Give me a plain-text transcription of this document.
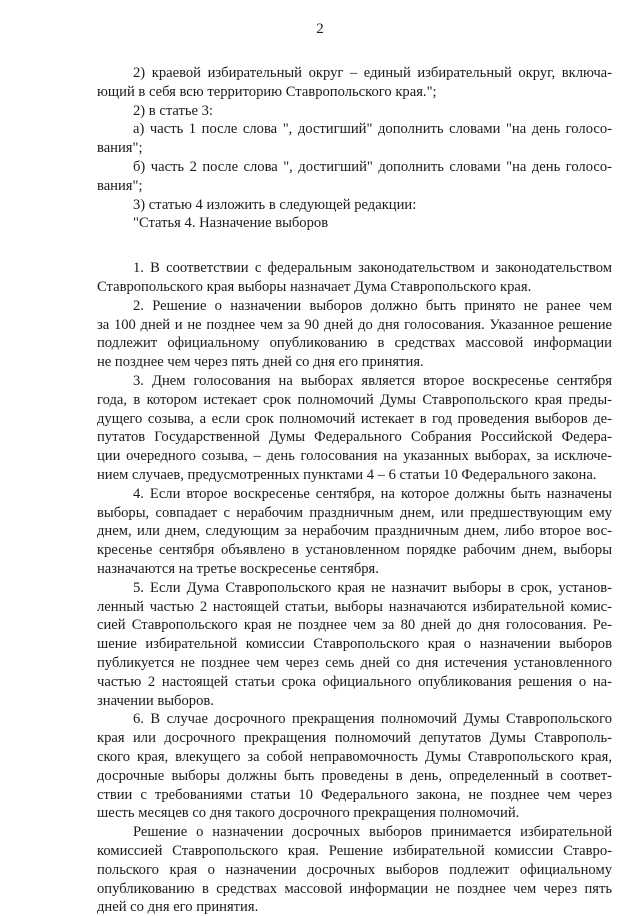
2
2) краевой избирательный округ – единый избирательный округ, включа-
ющий в себя всю территорию Ставропольского края.";
2) в статье 3:
а) часть 1 после слова ", достигший" дополнить словами "на день голосо-
вания";
б) часть 2 после слова ", достигший" дополнить словами "на день голосо-
вания";
3) статью 4 изложить в следующей редакции:
"Статья 4. Назначение выборов
1. В соответствии с федеральным законодательством и законодательством
Ставропольского края выборы назначает Дума Ставропольского края.
2. Решение о назначении выборов должно быть принято не ранее чем
за 100 дней и не позднее чем за 90 дней до дня голосования. Указанное решение
подлежит официальному опубликованию в средствах массовой информации
не позднее чем через пять дней со дня его принятия.
3. Днем голосования на выборах является второе воскресенье сентября
года, в котором истекает срок полномочий Думы Ставропольского края преды-
дущего созыва, а если срок полномочий истекает в год проведения выборов де-
путатов Государственной Думы Федерального Собрания Российской Федера-
ции очередного созыва, – день голосования на указанных выборах, за исключе-
нием случаев, предусмотренных пунктами 4 – 6 статьи 10 Федерального закона.
4. Если второе воскресенье сентября, на которое должны быть назначены
выборы, совпадает с нерабочим праздничным днем, или предшествующим ему
днем, или днем, следующим за нерабочим праздничным днем, либо второе вос-
кресенье сентября объявлено в установленном порядке рабочим днем, выборы
назначаются на третье воскресенье сентября.
5. Если Дума Ставропольского края не назначит выборы в срок, установ-
ленный частью 2 настоящей статьи, выборы назначаются избирательной комис-
сией Ставропольского края не позднее чем за 80 дней до дня голосования. Ре-
шение избирательной комиссии Ставропольского края о назначении выборов
публикуется не позднее чем через семь дней со дня истечения установленного
частью 2 настоящей статьи срока официального опубликования решения о на-
значении выборов.
6. В случае досрочного прекращения полномочий Думы Ставропольского
края или досрочного прекращения полномочий депутатов Думы Ставрополь-
ского края, влекущего за собой неправомочность Думы Ставропольского края,
досрочные выборы должны быть проведены в день, определенный в соответ-
ствии с требованиями статьи 10 Федерального закона, не позднее чем через
шесть месяцев со дня такого досрочного прекращения полномочий.
Решение о назначении досрочных выборов принимается избирательной
комиссией Ставропольского края. Решение избирательной комиссии Ставро-
польского края о назначении досрочных выборов подлежит официальному
опубликованию в средствах массовой информации не позднее чем через пять
дней со дня его принятия.
